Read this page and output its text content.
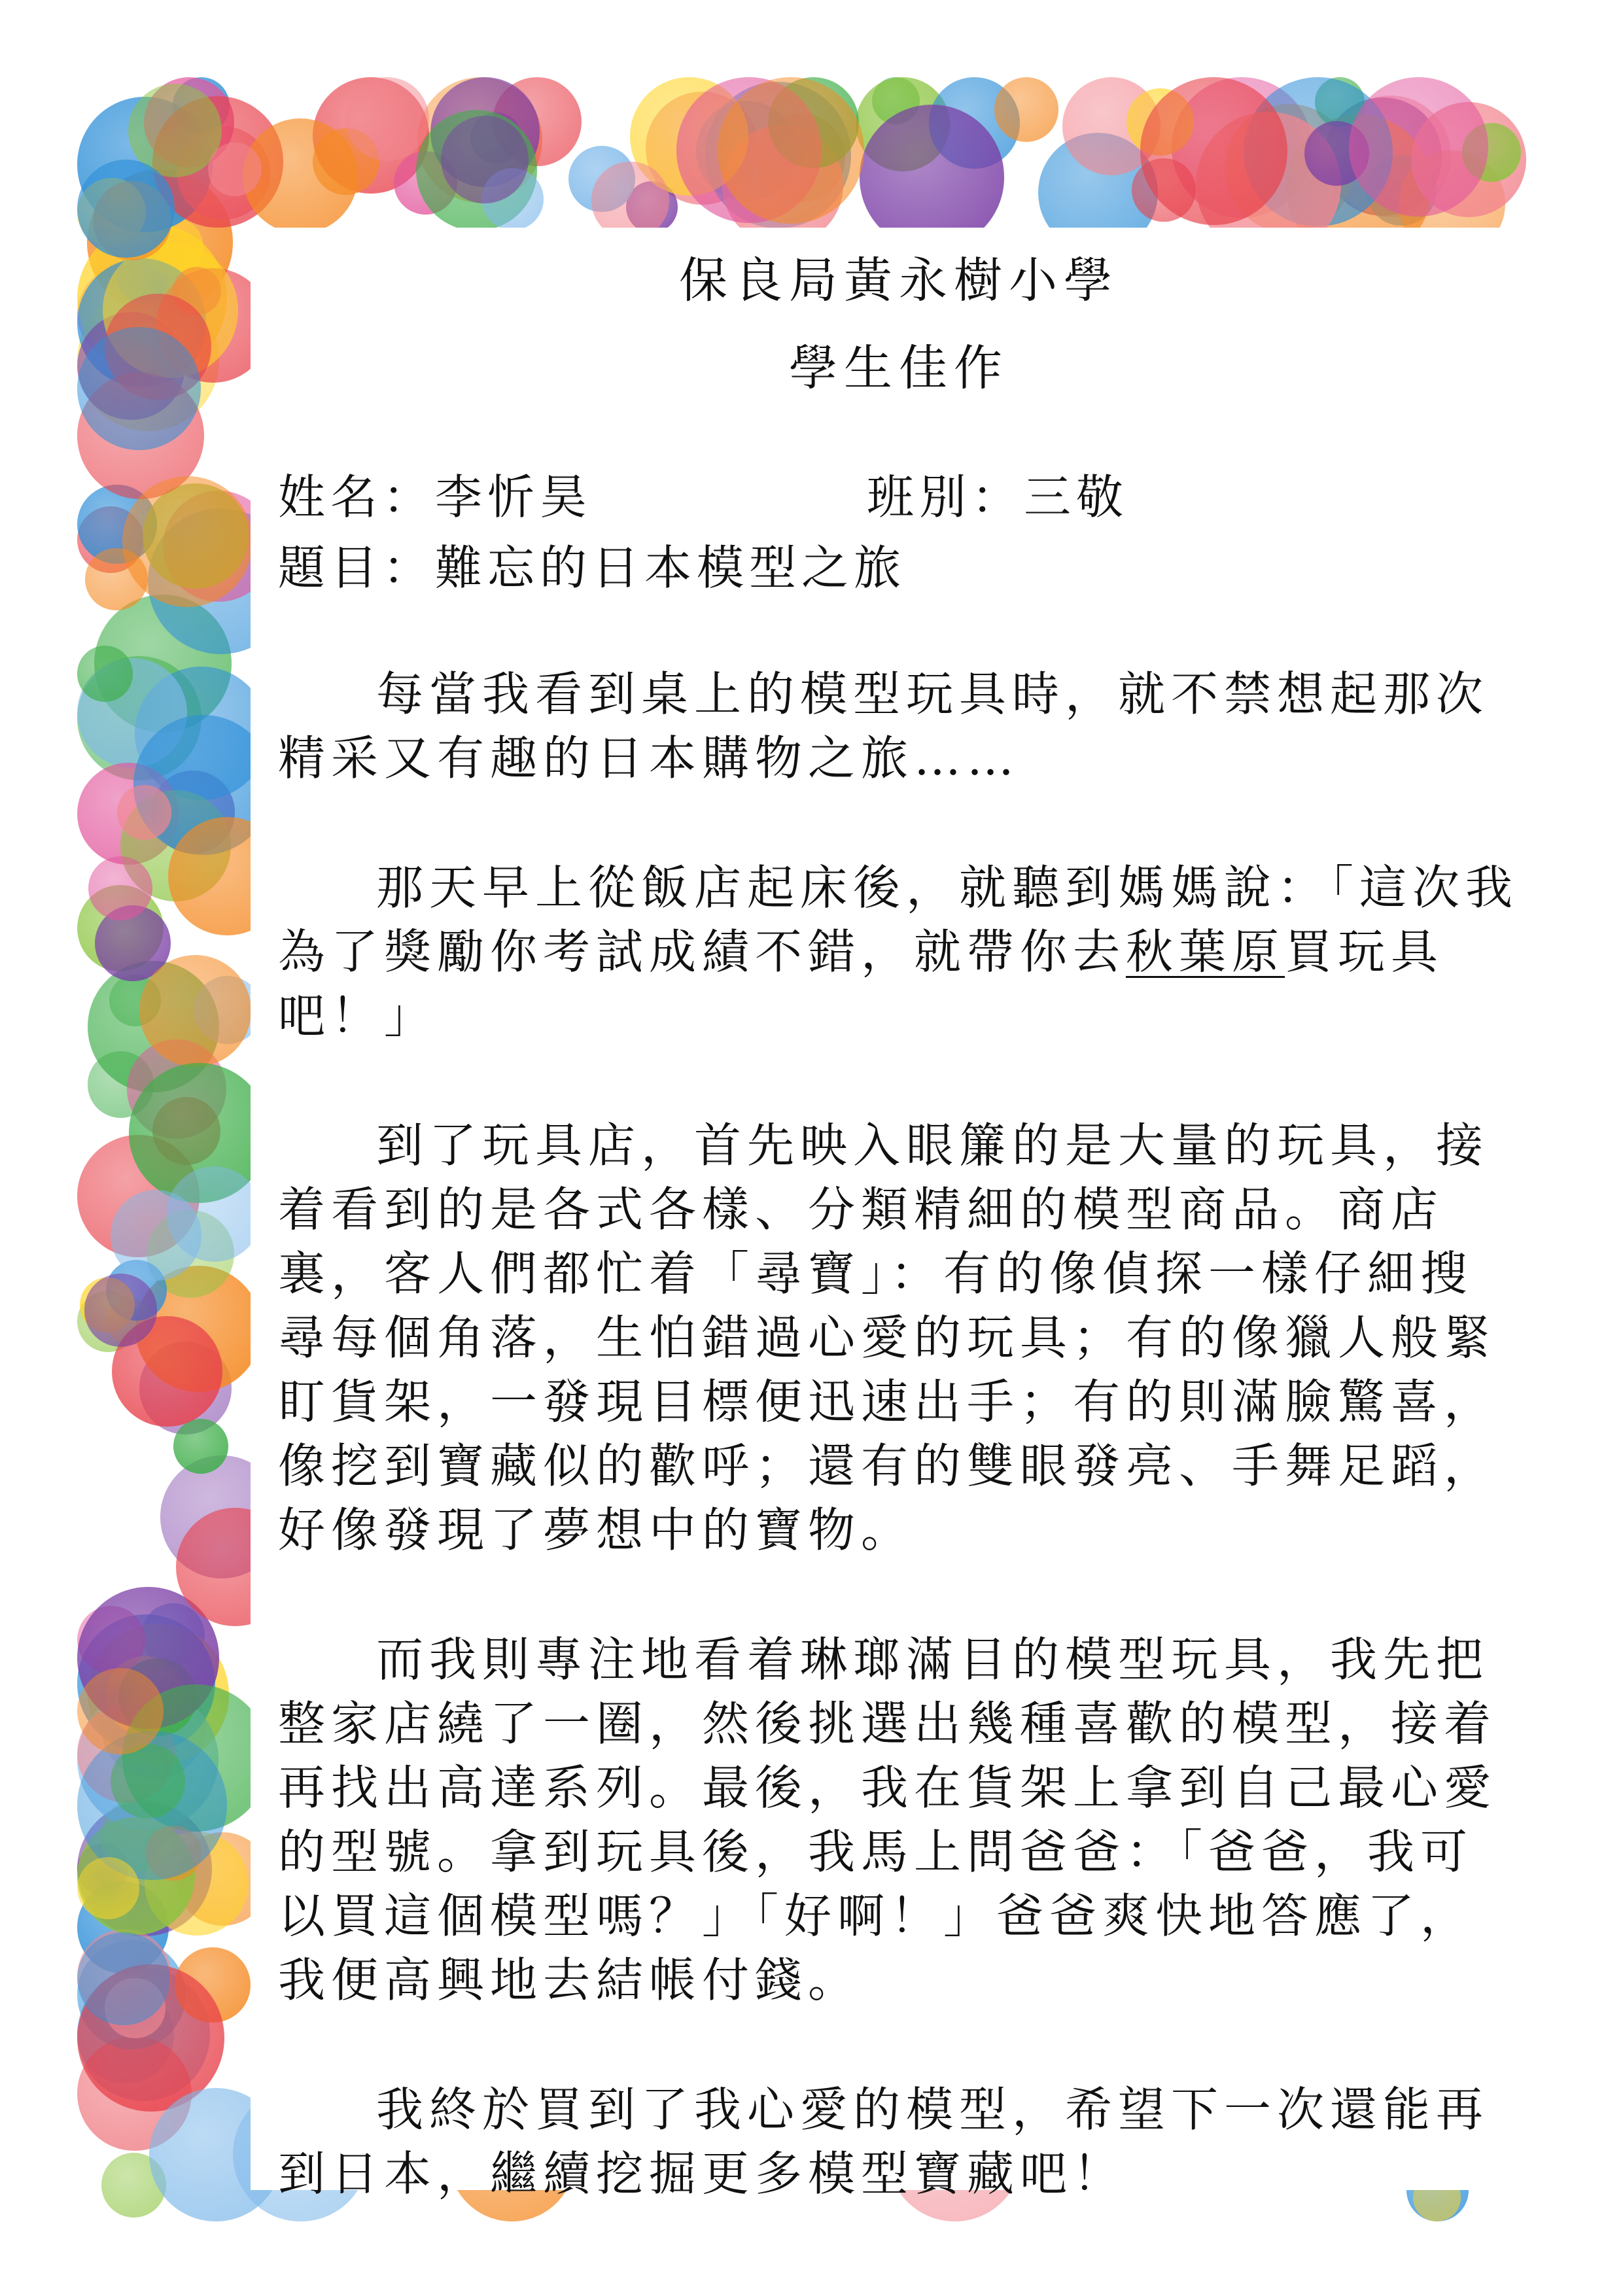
保良局黃永樹小學
學生佳作
姓名：李忻昊	班別：三敬
題目：難忘的日本模型之旅

每當我看到桌上的模型玩具時，就不禁想起那次精采又有趣的日本購物之旅……

那天早上從飯店起床後，就聽到媽媽說：「這次我為了獎勵你考試成績不錯，就帶你去秋葉原買玩具吧！」

到了玩具店，首先映入眼簾的是大量的玩具，接着看到的是各式各樣、分類精細的模型商品。商店裏，客人們都忙着「尋寶」：有的像偵探一樣仔細搜尋每個角落，生怕錯過心愛的玩具；有的像獵人般緊盯貨架，一發現目標便迅速出手；有的則滿臉驚喜，像挖到寶藏似的歡呼；還有的雙眼發亮、手舞足蹈，好像發現了夢想中的寶物。

而我則專注地看着琳瑯滿目的模型玩具，我先把整家店繞了一圈，然後挑選出幾種喜歡的模型，接着再找出高達系列。最後，我在貨架上拿到自己最心愛的型號。拿到玩具後，我馬上問爸爸：「爸爸，我可以買這個模型嗎？」「好啊！」爸爸爽快地答應了，我便高興地去結帳付錢。

我終於買到了我心愛的模型，希望下一次還能再到日本，繼續挖掘更多模型寶藏吧！
